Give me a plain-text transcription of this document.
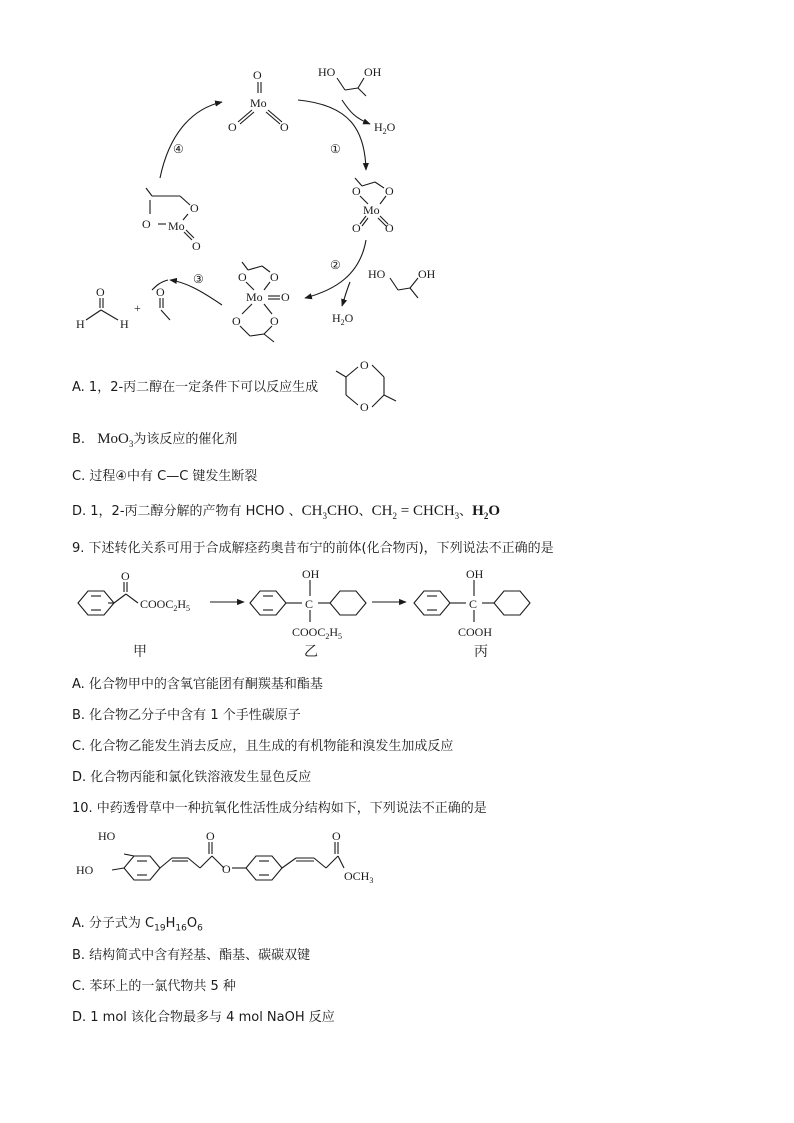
O
Mo
O	O
HO OH
$H_2O$
①
④
②
③
O O
Mo
O O
HO	OH
$H_2O$
O O
Mo O
O O
O
O Mo
O
O
H	H
+
O
A. 1，2-丙二醇在一定条件下可以反应生成
O
O
B. MoO$_3$为该反应的催化剂
C. 过程④中有 C—C 键发生断裂
D. 1，2-丙二醇分解的产物有 HCHO 、$CH_3CHO$、$CH_2$ = $CHCH_3$、$H_2O$
9. 下述转化关系可用于合成解痉药奥昔布宁的前体(化合物丙)，下列说法不正确的是
O
$COOC_2H_5$
OH
C
$COOC_2H_5$
OH
C
COOH
甲	乙	丙
A. 化合物甲中的含氧官能团有酮羰基和酯基
B. 化合物乙分子中含有 1 个手性碳原子
C. 化合物乙能发生消去反应，且生成的有机物能和溴发生加成反应
D. 化合物丙能和氯化铁溶液发生显色反应
10. 中药透骨草中一种抗氧化性活性成分结构如下，下列说法不正确的是
HO
HO
O
O
O
$OCH_3$
A. 分子式为 $C_{19}H_{16}O_6$
B. 结构简式中含有羟基、酯基、碳碳双键
C. 苯环上的一氯代物共 5 种
D. 1 mol 该化合物最多与 4 mol NaOH 反应
